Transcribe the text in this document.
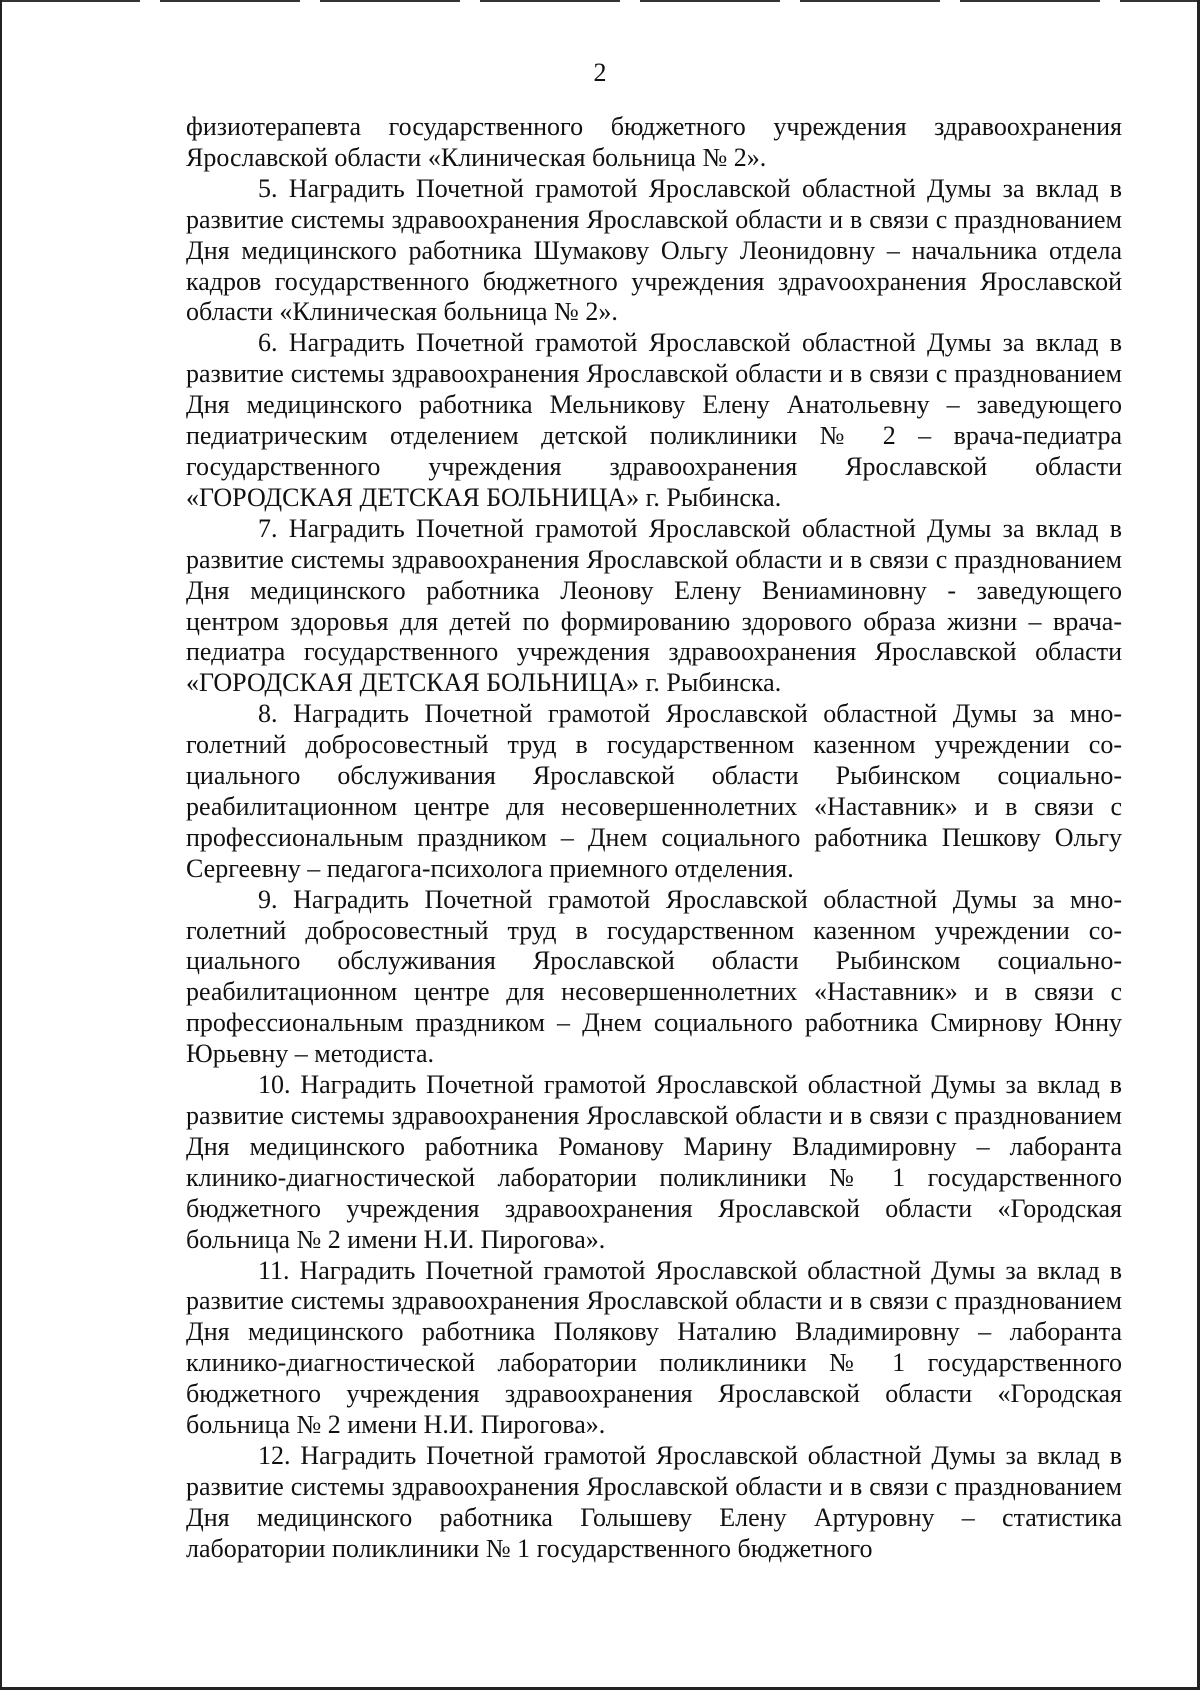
2

физиотерапевта государственного бюджетного учреждения здравоохранения Ярославской области «Клиническая больница № 2».

5. Наградить Почетной грамотой Ярославской областной Думы за вклад в развитие системы здравоохранения Ярославской области и в связи с празднованием Дня медицинского работника Шумакову Ольгу Леонидовну – начальника отдела кадров государственного бюджетного учреждения здраvоохранения Ярославской области «Клиническая больница № 2».

6. Наградить Почетной грамотой Ярославской областной Думы за вклад в развитие системы здравоохранения Ярославской области и в связи с празднованием Дня медицинского работника Мельникову Елену Анатольевну – заведующего педиатрическим отделением детской поликлиники № 2 – врача-педиатра государственного учреждения здравоохранения Ярославской области «ГОРОДСКАЯ ДЕТСКАЯ БОЛЬНИЦА» г. Рыбинска.

7. Наградить Почетной грамотой Ярославской областной Думы за вклад в развитие системы здравоохранения Ярославской области и в связи с празднованием Дня медицинского работника Леонову Елену Вениаминовну - заведующего центром здоровья для детей по формированию здорового образа жизни – врача-педиатра государственного учреждения здравоохранения Ярославской области «ГОРОДСКАЯ ДЕТСКАЯ БОЛЬНИЦА» г. Рыбинска.

8. Наградить Почетной грамотой Ярославской областной Думы за многолетний добросовестный труд в государственном казенном учреждении социального обслуживания Ярославской области Рыбинском социально-реабилитационном центре для несовершеннолетних «Наставник» и в связи с профессиональным праздником – Днем социального работника Пешкову Ольгу Сергеевну – педагога-психолога приемного отделения.

9. Наградить Почетной грамотой Ярославской областной Думы за многолетний добросовестный труд в государственном казенном учреждении социального обслуживания Ярославской области Рыбинском социально-реабилитационном центре для несовершеннолетних «Наставник» и в связи с профессиональным праздником – Днем социального работника Смирнову Юнну Юрьевну – методиста.

10. Наградить Почетной грамотой Ярославской областной Думы за вклад в развитие системы здравоохранения Ярославской области и в связи с празднованием Дня медицинского работника Романову Марину Владимировну – лаборанта клинико-диагностической лаборатории поликлиники № 1 государственного бюджетного учреждения здравоохранения Ярославской области «Городская больница № 2 имени Н.И. Пирогова».

11. Наградить Почетной грамотой Ярославской областной Думы за вклад в развитие системы здравоохранения Ярославской области и в связи с празднованием Дня медицинского работника Полякову Наталию Владимировну – лаборанта клинико-диагностической лаборатории поликлиники № 1 государственного бюджетного учреждения здравоохранения Ярославской области «Городская больница № 2 имени Н.И. Пирогова».

12. Наградить Почетной грамотой Ярославской областной Думы за вклад в развитие системы здравоохранения Ярославской области и в связи с празднованием Дня медицинского работника Голышеву Елену Артуровну – статистика лаборатории поликлиники № 1 государственного бюджетного
